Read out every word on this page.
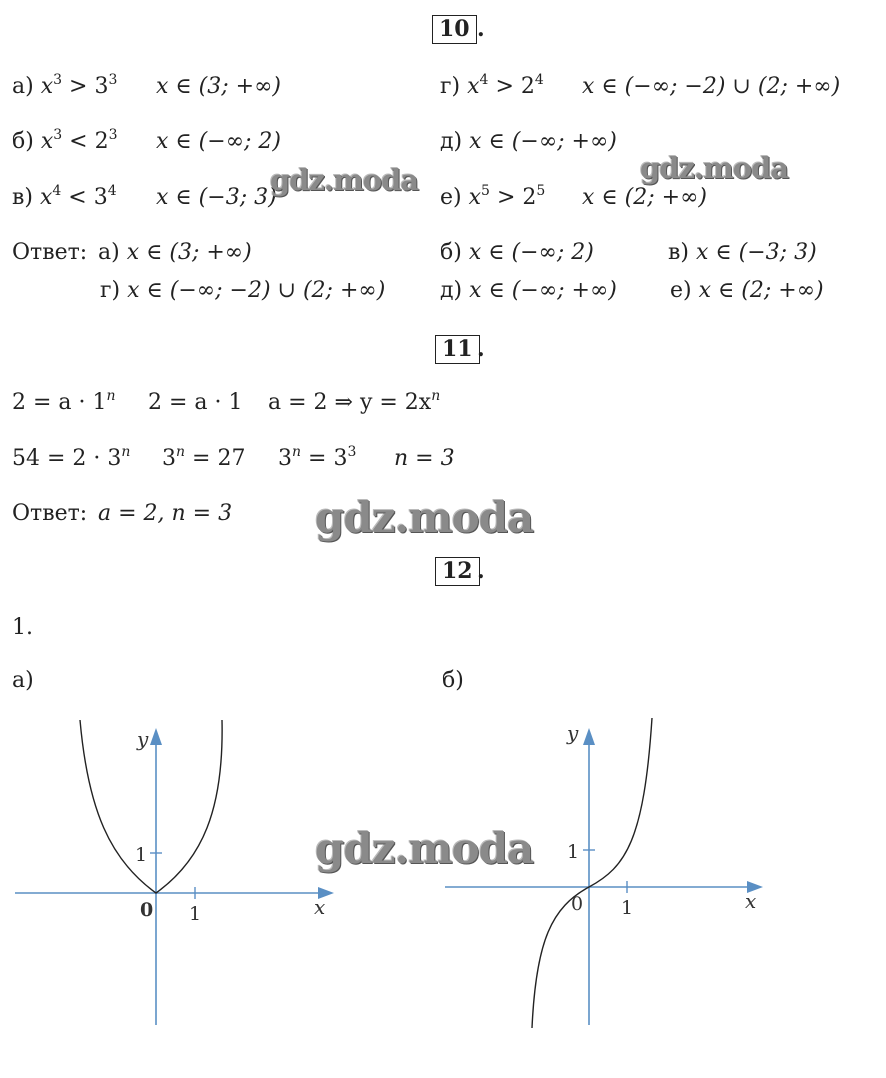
10 .
а) $x^3 > 3^3$ x ∈ (3; +∞)
б) $x^3 < 2^3$ x ∈ (−∞; 2)
в) $x^4 < 3^4$ x ∈ (−3; 3)
г) $x^4 > 2^4$ x ∈ (−∞; −2) ∪ (2; +∞)
д) x ∈ (−∞; +∞)
е) $x^5 > 2^5$ x ∈ (2; +∞)
Ответ: а) x ∈ (3; +∞)	б) x ∈ (−∞; 2)	в) x ∈ (−3; 3)
г) x ∈ (−∞; −2) ∪ (2; +∞) д) x ∈ (−∞; +∞) е) x ∈ (2; +∞)
11 .
$2 = a \cdot 1^n$ 2 = a · 1 a = 2 ⇒ $y = 2x^n$
$54 = 2 \cdot 3^n$ $3^n = 27$ $3^n = 3^3$ n = 3
Ответ: a = 2, n = 3
12 .
1.
а)	б)
y
x
1
1
0
y
x
1
1
0
gdz.moda	gdz.moda
gdz.moda
gdz.moda
